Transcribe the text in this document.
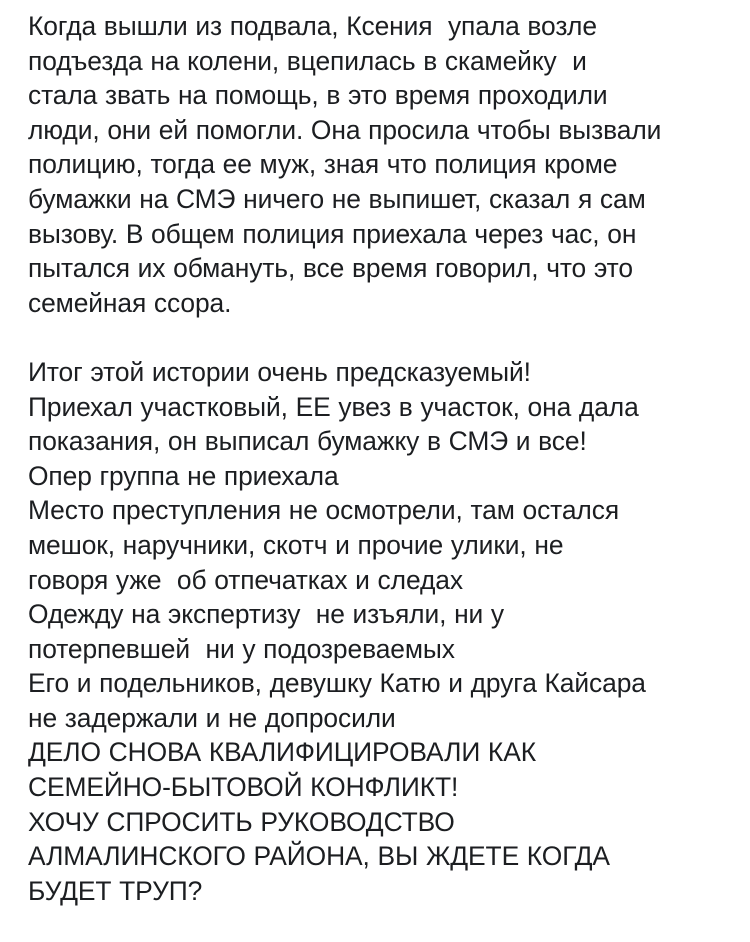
Когда вышли из подвала, Ксения  упала возле
подъезда на колени, вцепилась в скамейку  и
стала звать на помощь, в это время проходили
люди, они ей помогли. Она просила чтобы вызвали
полицию, тогда ее муж, зная что полиция кроме
бумажки на СМЭ ничего не выпишет, сказал я сам
вызову. В общем полиция приехала через час, он
пытался их обмануть, все время говорил, что это
семейная ссора.
Итог этой истории очень предсказуемый!
Приехал участковый, ЕЕ увез в участок, она дала
показания, он выписал бумажку в СМЭ и все!
Опер группа не приехала
Место преступления не осмотрели, там остался
мешок, наручники, скотч и прочие улики, не
говоря уже  об отпечатках и следах
Одежду на экспертизу  не изъяли, ни у
потерпевшей  ни у подозреваемых
Его и подельников, девушку Катю и друга Кайсара
не задержали и не допросили
ДЕЛО СНОВА КВАЛИФИЦИРОВАЛИ КАК
СЕМЕЙНО-БЫТОВОЙ КОНФЛИКТ!
ХОЧУ СПРОСИТЬ РУКОВОДСТВО
АЛМАЛИНСКОГО РАЙОНА, ВЫ ЖДЕТЕ КОГДА
БУДЕТ ТРУП?
